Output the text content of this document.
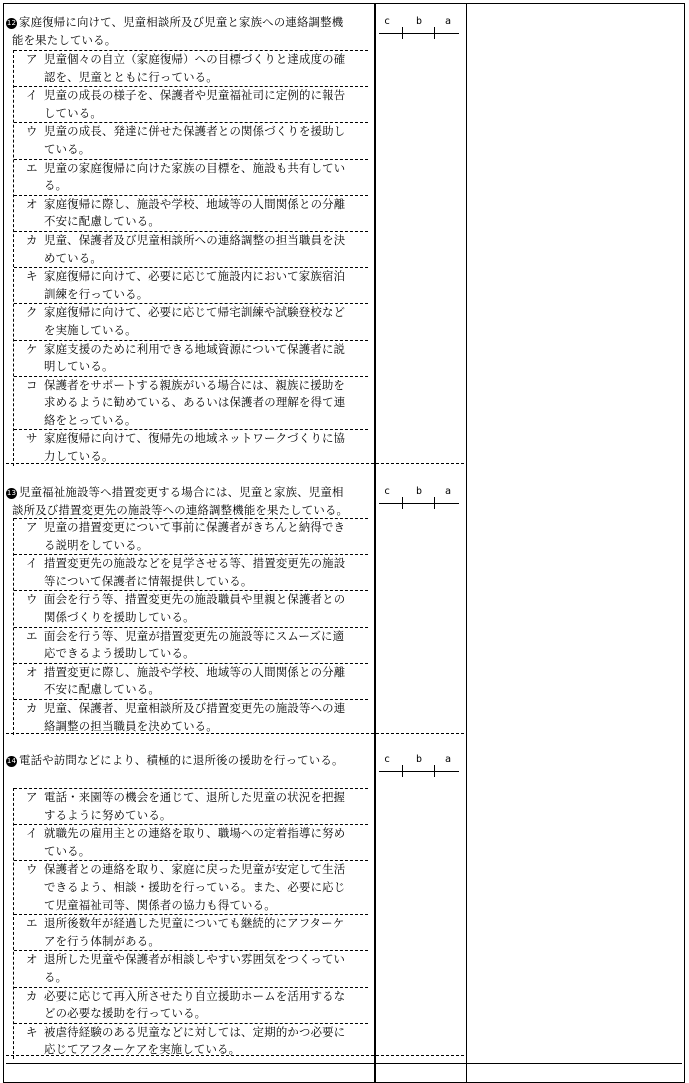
12 家庭復帰に向けて、児童相談所及び児童と家族への連絡調整機
能を果たしている。
c	b a
ア 児童個々の自立（家庭復帰）への目標づくりと達成度の確
認を、児童とともに行っている。
イ 児童の成長の様子を、保護者や児童福祉司に定例的に報告
している。
ウ 児童の成長、発達に併せた保護者との関係づくりを援助し
ている。
エ 児童の家庭復帰に向けた家族の目標を、施設も共有してい
る。
オ 家庭復帰に際し、施設や学校、地域等の人間関係との分離
不安に配慮している。
カ 児童、保護者及び児童相談所への連絡調整の担当職員を決
めている。
キ 家庭復帰に向けて、必要に応じて施設内において家族宿泊
訓練を行っている。
ク 家庭復帰に向けて、必要に応じて帰宅訓練や試験登校など
を実施している。
ケ 家庭支援のために利用できる地域資源について保護者に説
明している。
コ 保護者をサポートする親族がいる場合には、親族に援助を
求めるように勧めている、あるいは保護者の理解を得て連
絡をとっている。
サ 家庭復帰に向けて、復帰先の地域ネットワークづくりに協
力している。
13 児童福祉施設等へ措置変更する場合には、児童と家族、児童相
談所及び措置変更先の施設等への連絡調整機能を果たしている。
c	b a
ア 児童の措置変更について事前に保護者がきちんと納得でき
る説明をしている。
イ 措置変更先の施設などを見学させる等、措置変更先の施設
等について保護者に情報提供している。
ウ 面会を行う等、措置変更先の施設職員や里親と保護者との
関係づくりを援助している。
エ 面会を行う等、児童が措置変更先の施設等にスムーズに適
応できるよう援助している。
オ 措置変更に際し、施設や学校、地域等の人間関係との分離
不安に配慮している。
カ 児童、保護者、児童相談所及び措置変更先の施設等への連
絡調整の担当職員を決めている。
14 電話や訪問などにより、積極的に退所後の援助を行っている。	c	b a
ア 電話・来園等の機会を通じて、退所した児童の状況を把握
するように努めている。
イ 就職先の雇用主との連絡を取り、職場への定着指導に努め
ている。
ウ 保護者との連絡を取り、家庭に戻った児童が安定して生活
できるよう、相談・援助を行っている。また、必要に応じ
て児童福祉司等、関係者の協力も得ている。
エ 退所後数年が経過した児童についても継続的にアフターケ
アを行う体制がある。
オ 退所した児童や保護者が相談しやすい雰囲気をつくってい
る。
カ 必要に応じて再入所させたり自立援助ホームを活用するな
どの必要な援助を行っている。
キ 被虐待経験のある児童などに対しては、定期的かつ必要に
応じてアフターケアを実施している。
